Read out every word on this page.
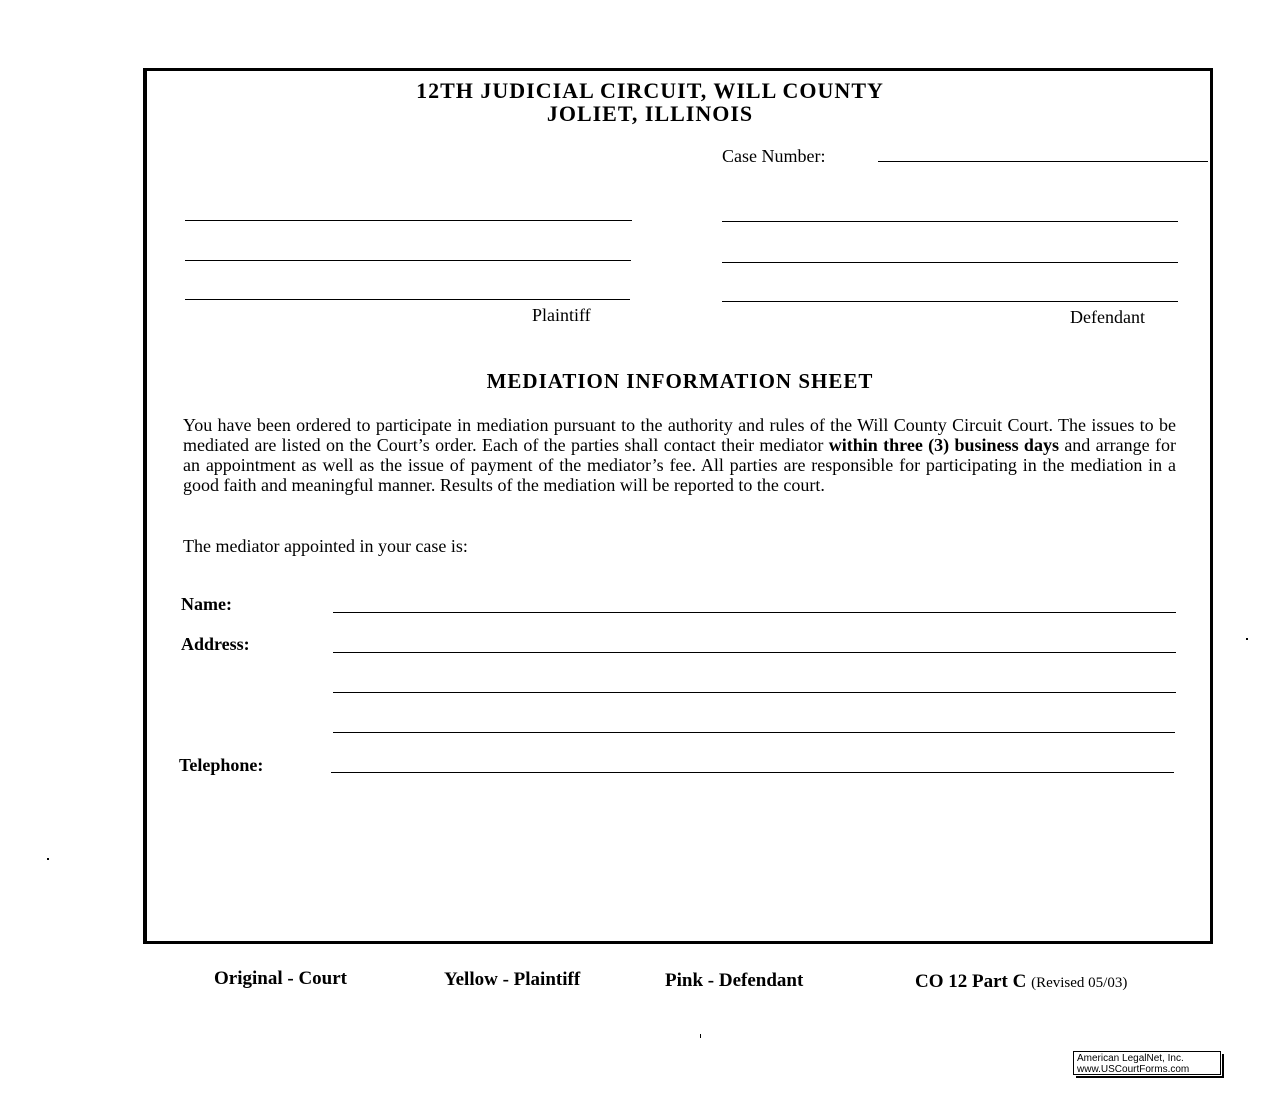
12TH JUDICIAL CIRCUIT, WILL COUNTY
JOLIET, ILLINOIS
Case Number:
Plaintiff	Defendant
MEDIATION INFORMATION SHEET
You have been ordered to participate in mediation pursuant to the authority and rules of the Will County Circuit Court. The issues to be mediated are listed on the Court’s order. Each of the parties shall contact their mediator within three (3) business days and arrange for an appointment as well as the issue of payment of the mediator’s fee. All parties are responsible for participating in the mediation in a good faith and meaningful manner. Results of the mediation will be reported to the court.
The mediator appointed in your case is:
Name:
Address:
Telephone:
Original - Court	Yellow - Plaintiff	Pink - Defendant	CO 12 Part C (Revised 05/03)
American LegalNet, Inc.
www.USCourtForms.com
